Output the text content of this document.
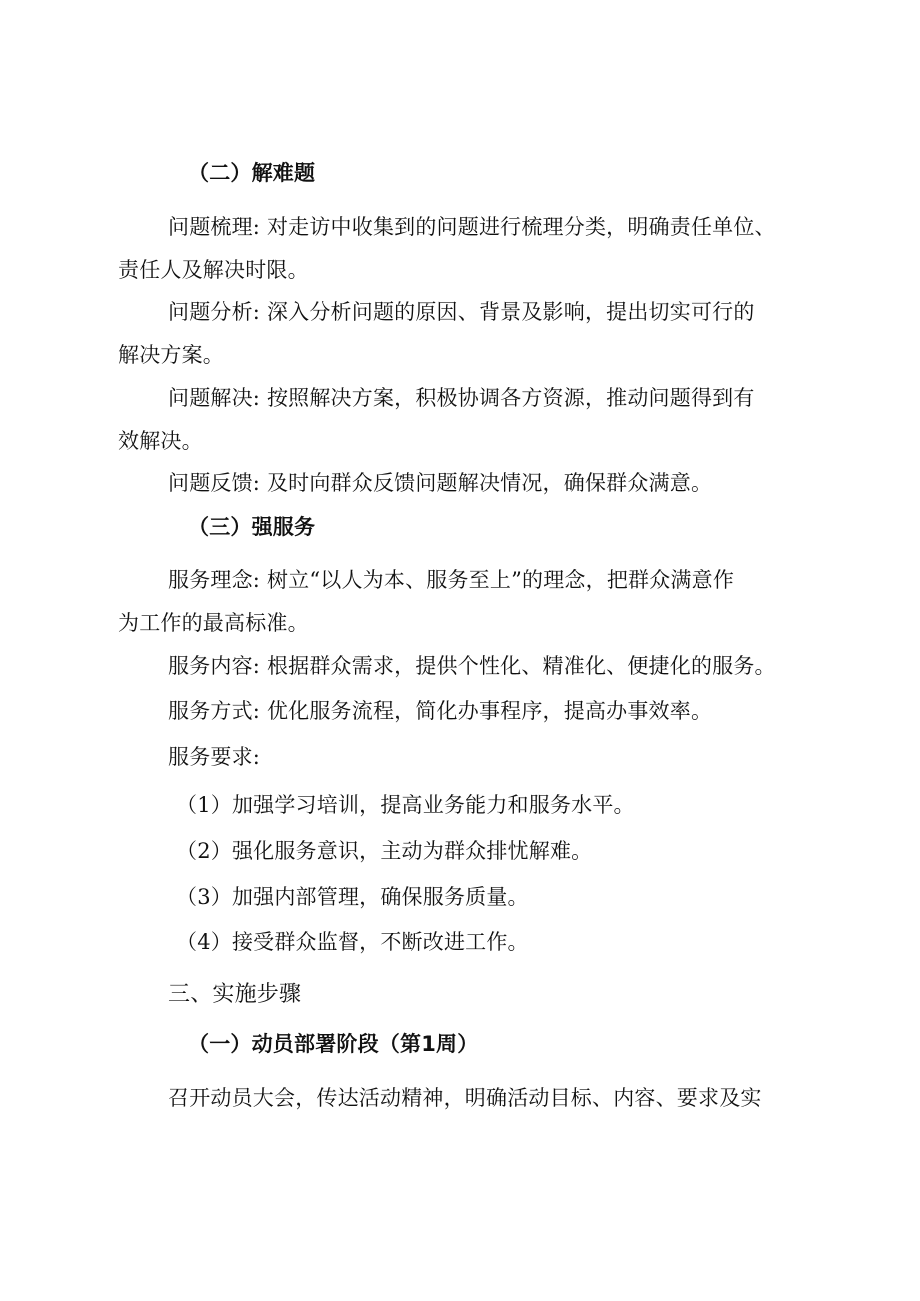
（二）解难题
问题梳理: 对走访中收集到的问题进行梳理分类，明确责任单位、
责任人及解决时限。
问题分析: 深入分析问题的原因、背景及影响，提出切实可行的
解决方案。
问题解决: 按照解决方案，积极协调各方资源，推动问题得到有
效解决。
问题反馈: 及时向群众反馈问题解决情况，确保群众满意。
（三）强服务
服务理念: 树立“以人为本、服务至上”的理念，把群众满意作
为工作的最高标准。
服务内容: 根据群众需求，提供个性化、精准化、便捷化的服务。
服务方式: 优化服务流程，简化办事程序，提高办事效率。
服务要求:
（1）加强学习培训，提高业务能力和服务水平。
（2）强化服务意识，主动为群众排忧解难。
（3）加强内部管理，确保服务质量。
（4）接受群众监督，不断改进工作。
三、实施步骤
（一）动员部署阶段（第1周）
召开动员大会，传达活动精神，明确活动目标、内容、要求及实
